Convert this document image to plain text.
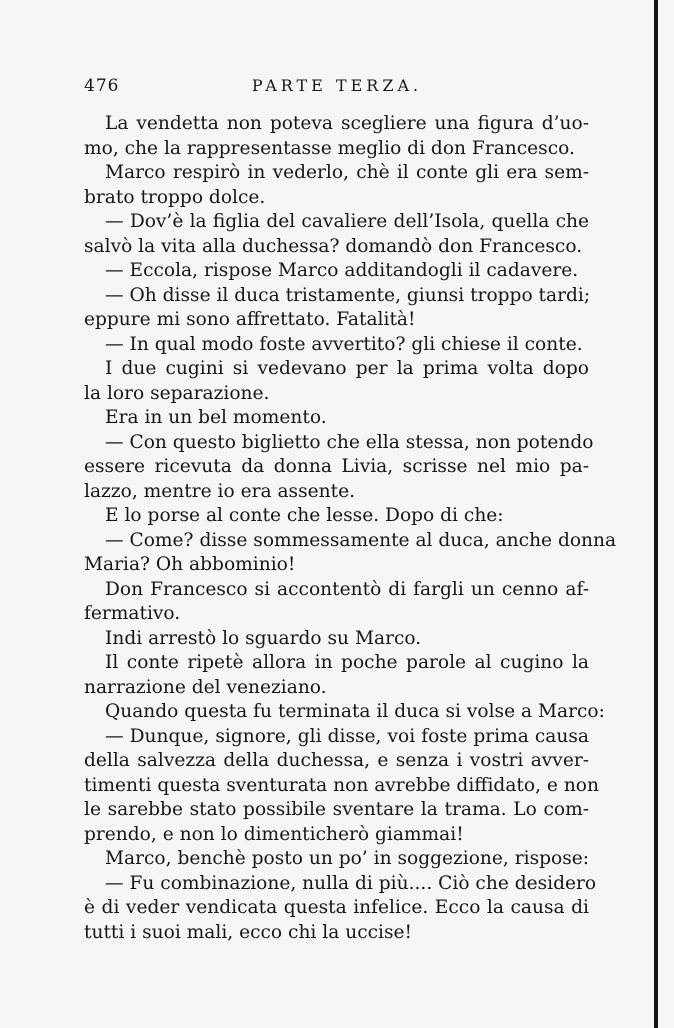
476	PARTE TERZA.
La vendetta non poteva scegliere una figura d’uo-
mo, che la rappresentasse meglio di don Francesco.
Marco respirò in vederlo, chè il conte gli era sem-
brato troppo dolce.
— Dov’è la figlia del cavaliere dell’Isola, quella che
salvò la vita alla duchessa? domandò don Francesco.
— Eccola, rispose Marco additandogli il cadavere.
— Oh disse il duca tristamente, giunsi troppo tardi;
eppure mi sono affrettato. Fatalità!
— In qual modo foste avvertito? gli chiese il conte.
I due cugini si vedevano per la prima volta dopo
la loro separazione.
Era in un bel momento.
— Con questo biglietto che ella stessa, non potendo
essere ricevuta da donna Livia, scrisse nel mio pa-
lazzo, mentre io era assente.
E lo porse al conte che lesse. Dopo di che:
— Come? disse sommessamente al duca, anche donna
Maria? Oh abbominio!
Don Francesco si accontentò di fargli un cenno af-
fermativo.
Indi arrestò lo sguardo su Marco.
Il conte ripetè allora in poche parole al cugino la
narrazione del veneziano.
Quando questa fu terminata il duca si volse a Marco:
— Dunque, signore, gli disse, voi foste prima causa
della salvezza della duchessa, e senza i vostri avver-
timenti questa sventurata non avrebbe diffidato, e non
le sarebbe stato possibile sventare la trama. Lo com-
prendo, e non lo dimenticherò giammai!
Marco, benchè posto un po’ in soggezione, rispose:
— Fu combinazione, nulla di più.... Ciò che desidero
è di veder vendicata questa infelice. Ecco la causa di
tutti i suoi mali, ecco chi la uccise!
